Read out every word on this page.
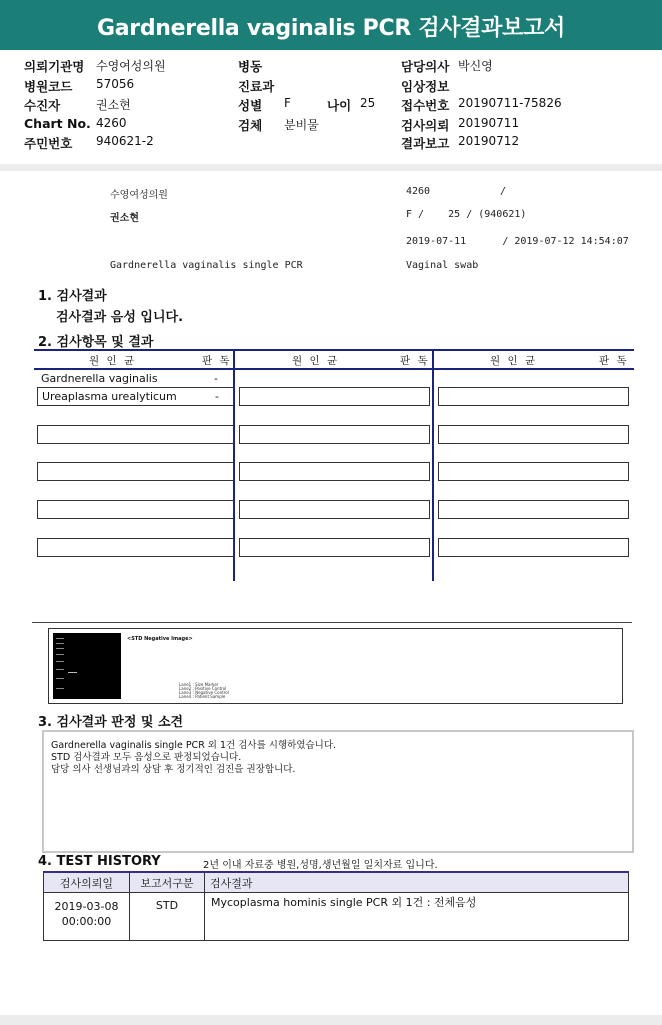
Gardnerella vaginalis PCR 검사결과보고서
의뢰기관명 수영여성의원
병원코드 57056
수진자	권소현
Chart No. 4260
주민번호 940621-2
병동
진료과
성별 F	나이 25
검체 분비물
담당의사 박신영
임상정보
접수번호 20190711-75826
검사의뢰 20190711
결과보고 20190712
수영여성의원	4260	/
권소현	F /    25 / (940621)
2019-07-11      / 2019-07-12 14:54:07
Gardnerella vaginalis single PCR	Vaginal swab
1. 검사결과
검사결과 음성 입니다.
2. 검사항목 및 결과
원 인 균	판 독	원 인 균	판 독	원 인 균	판 독
Gardnerella vaginalis	-
Ureaplasma urealyticum	-
<STD Negative Image>
Lane1 : Size Marker
Lane2 : Positive Control
Lane3 : Negative Control
Lane4 : Patient Sample
3. 검사결과 판정 및 소견
Gardnerella vaginalis single PCR 외 1건 검사를 시행하였습니다.
STD 검사결과 모두 음성으로 판정되었습니다.
담당 의사 선생님과의 상담 후 정기적인 검진을 권장합니다.
4. TEST HISTORY	2년 이내 자료중 병원,성명,생년월일 일치자료 입니다.
검사의뢰일	보고서구분	검사결과

2019-03-08
00:00:00	STD	Mycoplasma hominis single PCR 외 1건 : 전체음성
